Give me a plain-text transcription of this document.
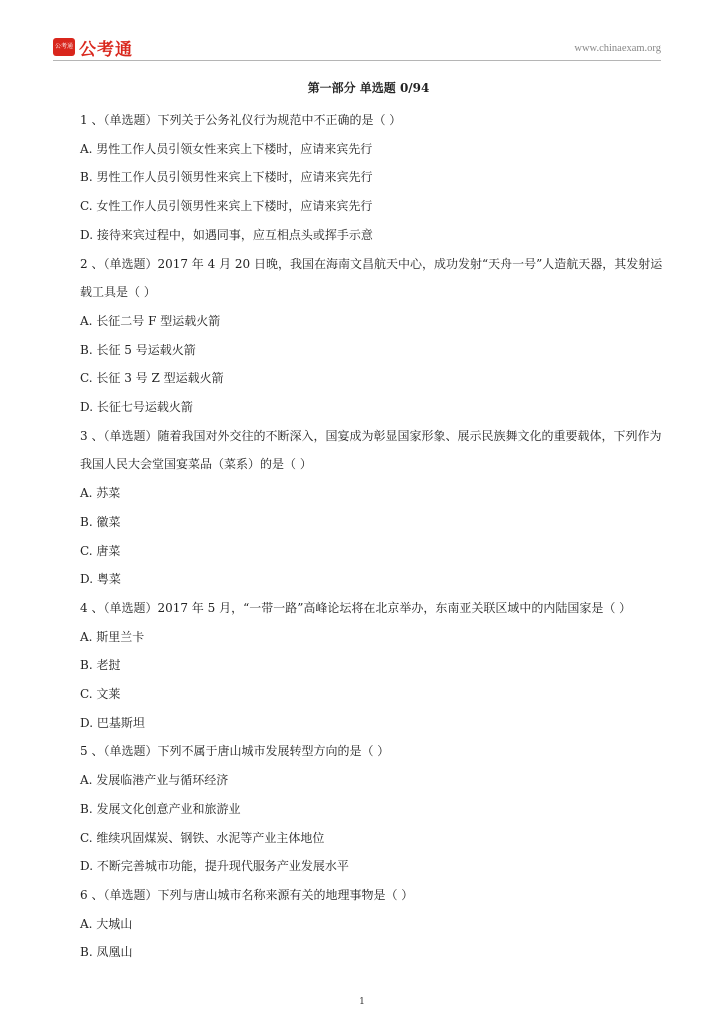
公考通 公考通	www.chinaexam.org
第一部分 单选题 0/94
1 、（单选题）下列关于公务礼仪行为规范中不正确的是（ ）
A. 男性工作人员引领女性来宾上下楼时，应请来宾先行
B. 男性工作人员引领男性来宾上下楼时，应请来宾先行
C. 女性工作人员引领男性来宾上下楼时，应请来宾先行
D. 接待来宾过程中，如遇同事，应互相点头或挥手示意
2 、（单选题）2017 年 4 月 20 日晚，我国在海南文昌航天中心，成功发射“天舟一号”人造航天器，其发射运载工具是（ ）
A. 长征二号 F 型运载火箭
B. 长征 5 号运载火箭
C. 长征 3 号 Z 型运载火箭
D. 长征七号运载火箭
3 、（单选题）随着我国对外交往的不断深入，国宴成为彰显国家形象、展示民族舞文化的重要载体，下列作为我国人民大会堂国宴菜品（菜系）的是（ ）
A. 苏菜
B. 徽菜
C. 唐菜
D. 粤菜
4 、（单选题）2017 年 5 月，“一带一路”高峰论坛将在北京举办，东南亚关联区域中的内陆国家是（ ）
A. 斯里兰卡
B. 老挝
C. 文莱
D. 巴基斯坦
5 、（单选题）下列不属于唐山城市发展转型方向的是（ ）
A. 发展临港产业与循环经济
B. 发展文化创意产业和旅游业
C. 维续巩固煤炭、钢铁、水泥等产业主体地位
D. 不断完善城市功能，提升现代服务产业发展水平
6 、（单选题）下列与唐山城市名称来源有关的地理事物是（ ）
A. 大城山
B. 凤凰山
1
